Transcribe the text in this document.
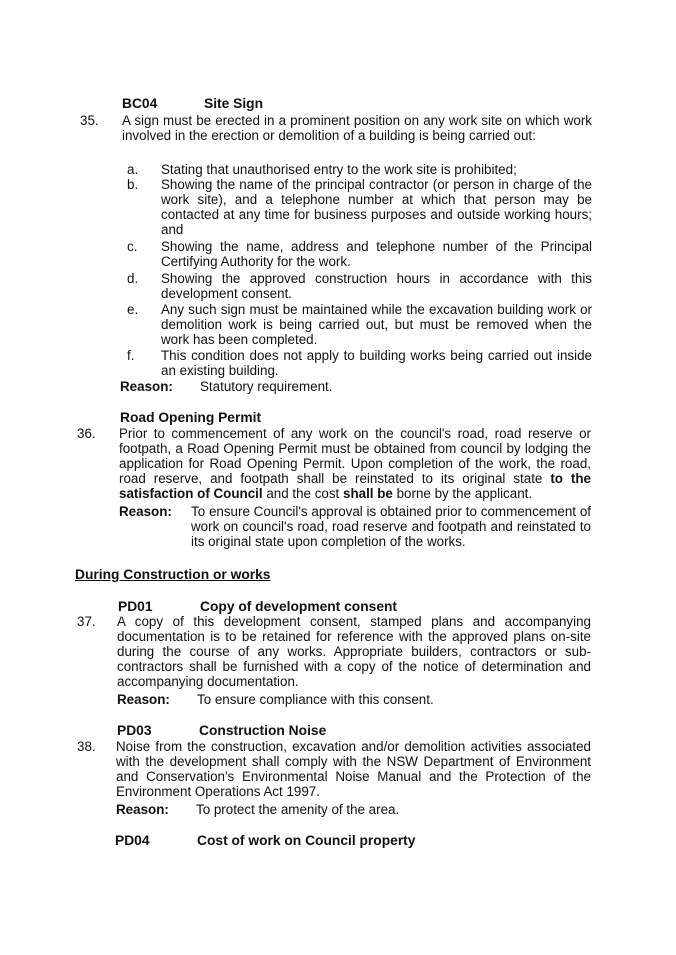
BC04	Site Sign
35. A sign must be erected in a prominent position on any work site on which work involved in the erection or demolition of a building is being carried out:
a. Stating that unauthorised entry to the work site is prohibited;
b. Showing the name of the principal contractor (or person in charge of the work site), and a telephone number at which that person may be contacted at any time for business purposes and outside working hours; and
c. Showing the name, address and telephone number of the Principal Certifying Authority for the work.
d. Showing the approved construction hours in accordance with this development consent.
e. Any such sign must be maintained while the excavation building work or demolition work is being carried out, but must be removed when the work has been completed.
f. This condition does not apply to building works being carried out inside an existing building.
Reason: Statutory requirement.
Road Opening Permit
36. Prior to commencement of any work on the council's road, road reserve or footpath, a Road Opening Permit must be obtained from council by lodging the application for Road Opening Permit. Upon completion of the work, the road, road reserve, and footpath shall be reinstated to its original state to the satisfaction of Council and the cost shall be borne by the applicant.
Reason: To ensure Council's approval is obtained prior to commencement of work on council's road, road reserve and footpath and reinstated to its original state upon completion of the works.
During Construction or works
PD01	Copy of development consent
37. A copy of this development consent, stamped plans and accompanying documentation is to be retained for reference with the approved plans on-site during the course of any works. Appropriate builders, contractors or sub-contractors shall be furnished with a copy of the notice of determination and accompanying documentation.
Reason: To ensure compliance with this consent.
PD03	Construction Noise
38. Noise from the construction, excavation and/or demolition activities associated with the development shall comply with the NSW Department of Environment and Conservation's Environmental Noise Manual and the Protection of the Environment Operations Act 1997.
Reason: To protect the amenity of the area.
PD04	Cost of work on Council property
